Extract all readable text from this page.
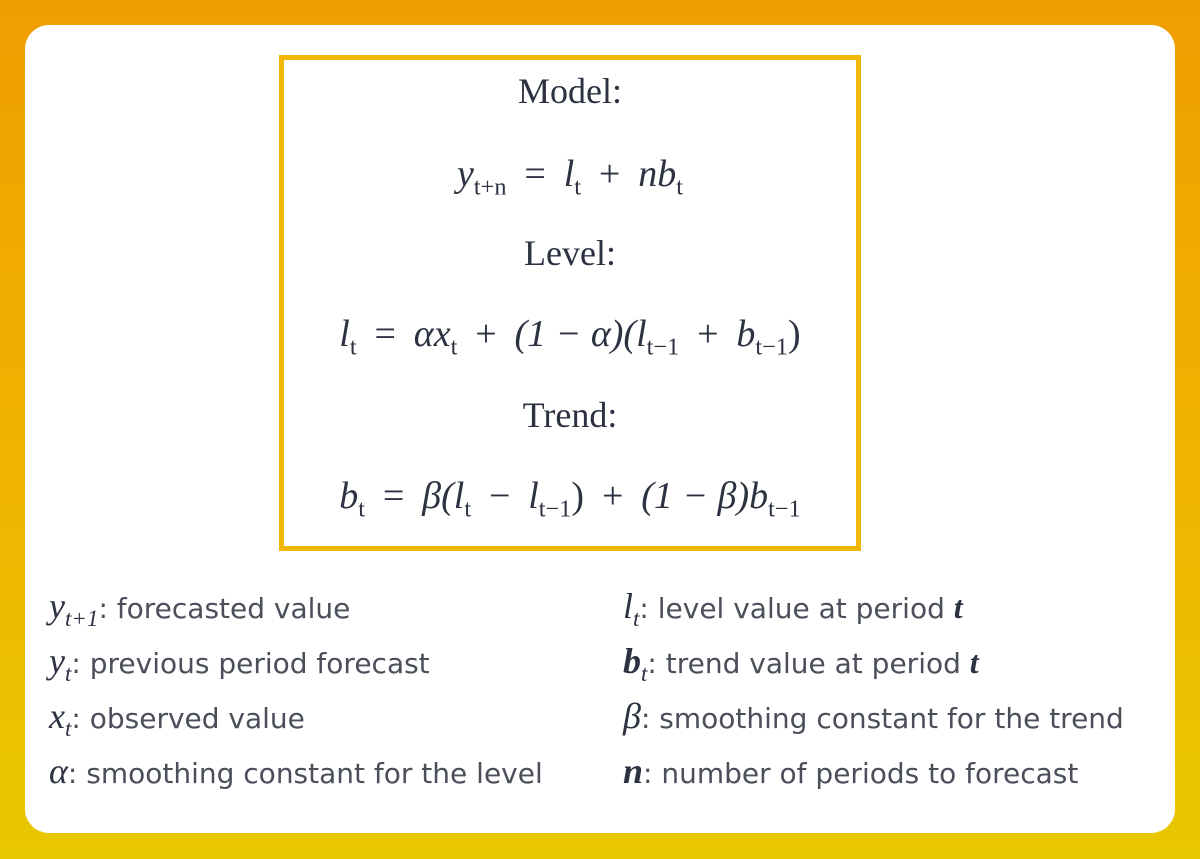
Model:
$y_{t+n} = l_t + nb_t$
Level:
$l_t = \alpha x_t + (1 - \alpha)(l_{t-1} + b_{t-1})$
Trend:
$b_t = \beta(l_t - l_{t-1}) + (1 - \beta)b_{t-1}$
$y_{t+1}$: forecasted value
$y_t$: previous period forecast
$x_t$: observed value
α: smoothing constant for the level
$l_t$: level value at period t
$b_t$: trend value at period t
β: smoothing constant for the trend
n: number of periods to forecast
